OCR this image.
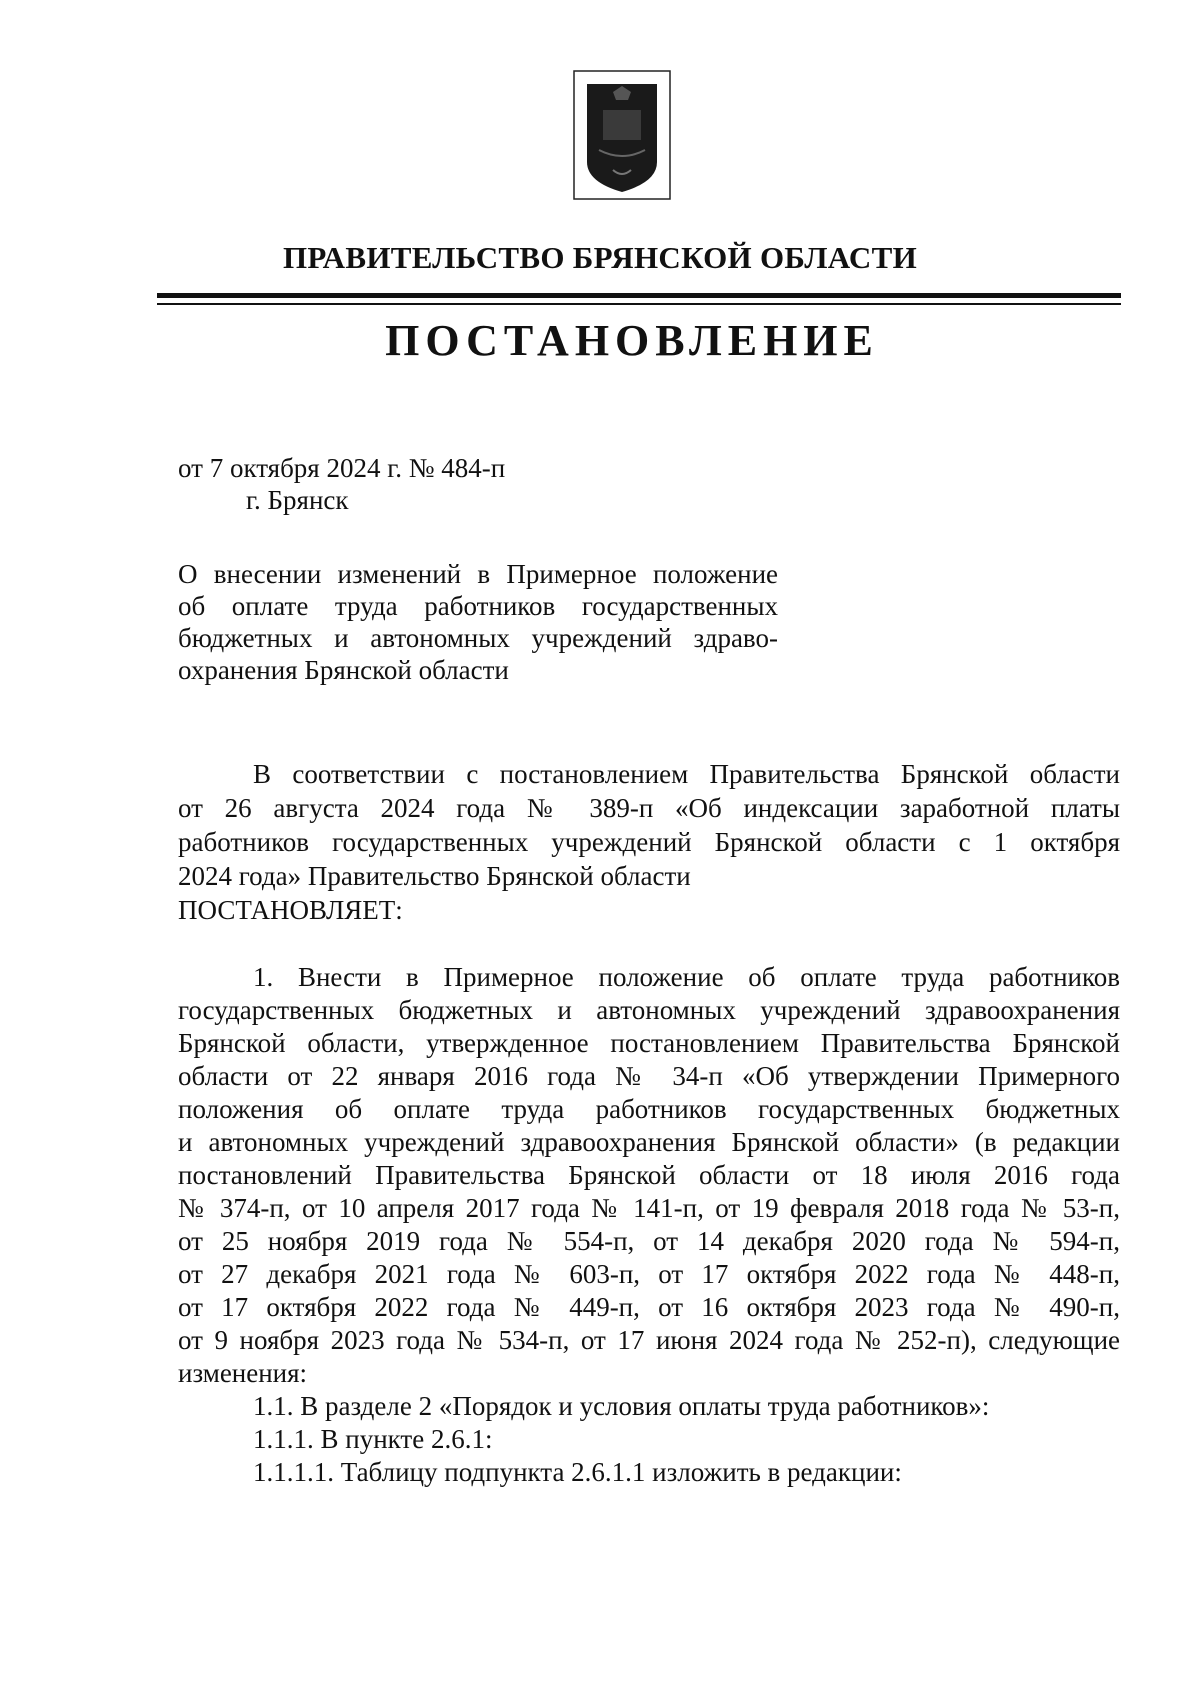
ПРАВИТЕЛЬСТВО БРЯНСКОЙ ОБЛАСТИ
ПОСТАНОВЛЕНИЕ
от 7 октября 2024 г. № 484-п
г. Брянск
О внесении изменений в Примерное положение
об оплате труда работников государственных
бюджетных и автономных учреждений здраво-
охранения Брянской области
В соответствии с постановлением Правительства Брянской области
от 26 августа 2024 года № 389-п «Об индексации заработной платы
работников государственных учреждений Брянской области с 1 октября
2024 года» Правительство Брянской области
ПОСТАНОВЛЯЕТ:
1. Внести в Примерное положение об оплате труда работников
государственных бюджетных и автономных учреждений здравоохранения
Брянской области, утвержденное постановлением Правительства Брянской
области от 22 января 2016 года № 34-п «Об утверждении Примерного
положения об оплате труда работников государственных бюджетных
и автономных учреждений здравоохранения Брянской области» (в редакции
постановлений Правительства Брянской области от 18 июля 2016 года
№ 374-п, от 10 апреля 2017 года № 141-п, от 19 февраля 2018 года № 53-п,
от 25 ноября 2019 года № 554-п, от 14 декабря 2020 года № 594-п,
от 27 декабря 2021 года № 603-п, от 17 октября 2022 года № 448-п,
от 17 октября 2022 года № 449-п, от 16 октября 2023 года № 490-п,
от 9 ноября 2023 года № 534-п, от 17 июня 2024 года № 252-п), следующие
изменения:
1.1. В разделе 2 «Порядок и условия оплаты труда работников»:
1.1.1. В пункте 2.6.1:
1.1.1.1. Таблицу подпункта 2.6.1.1 изложить в редакции:
